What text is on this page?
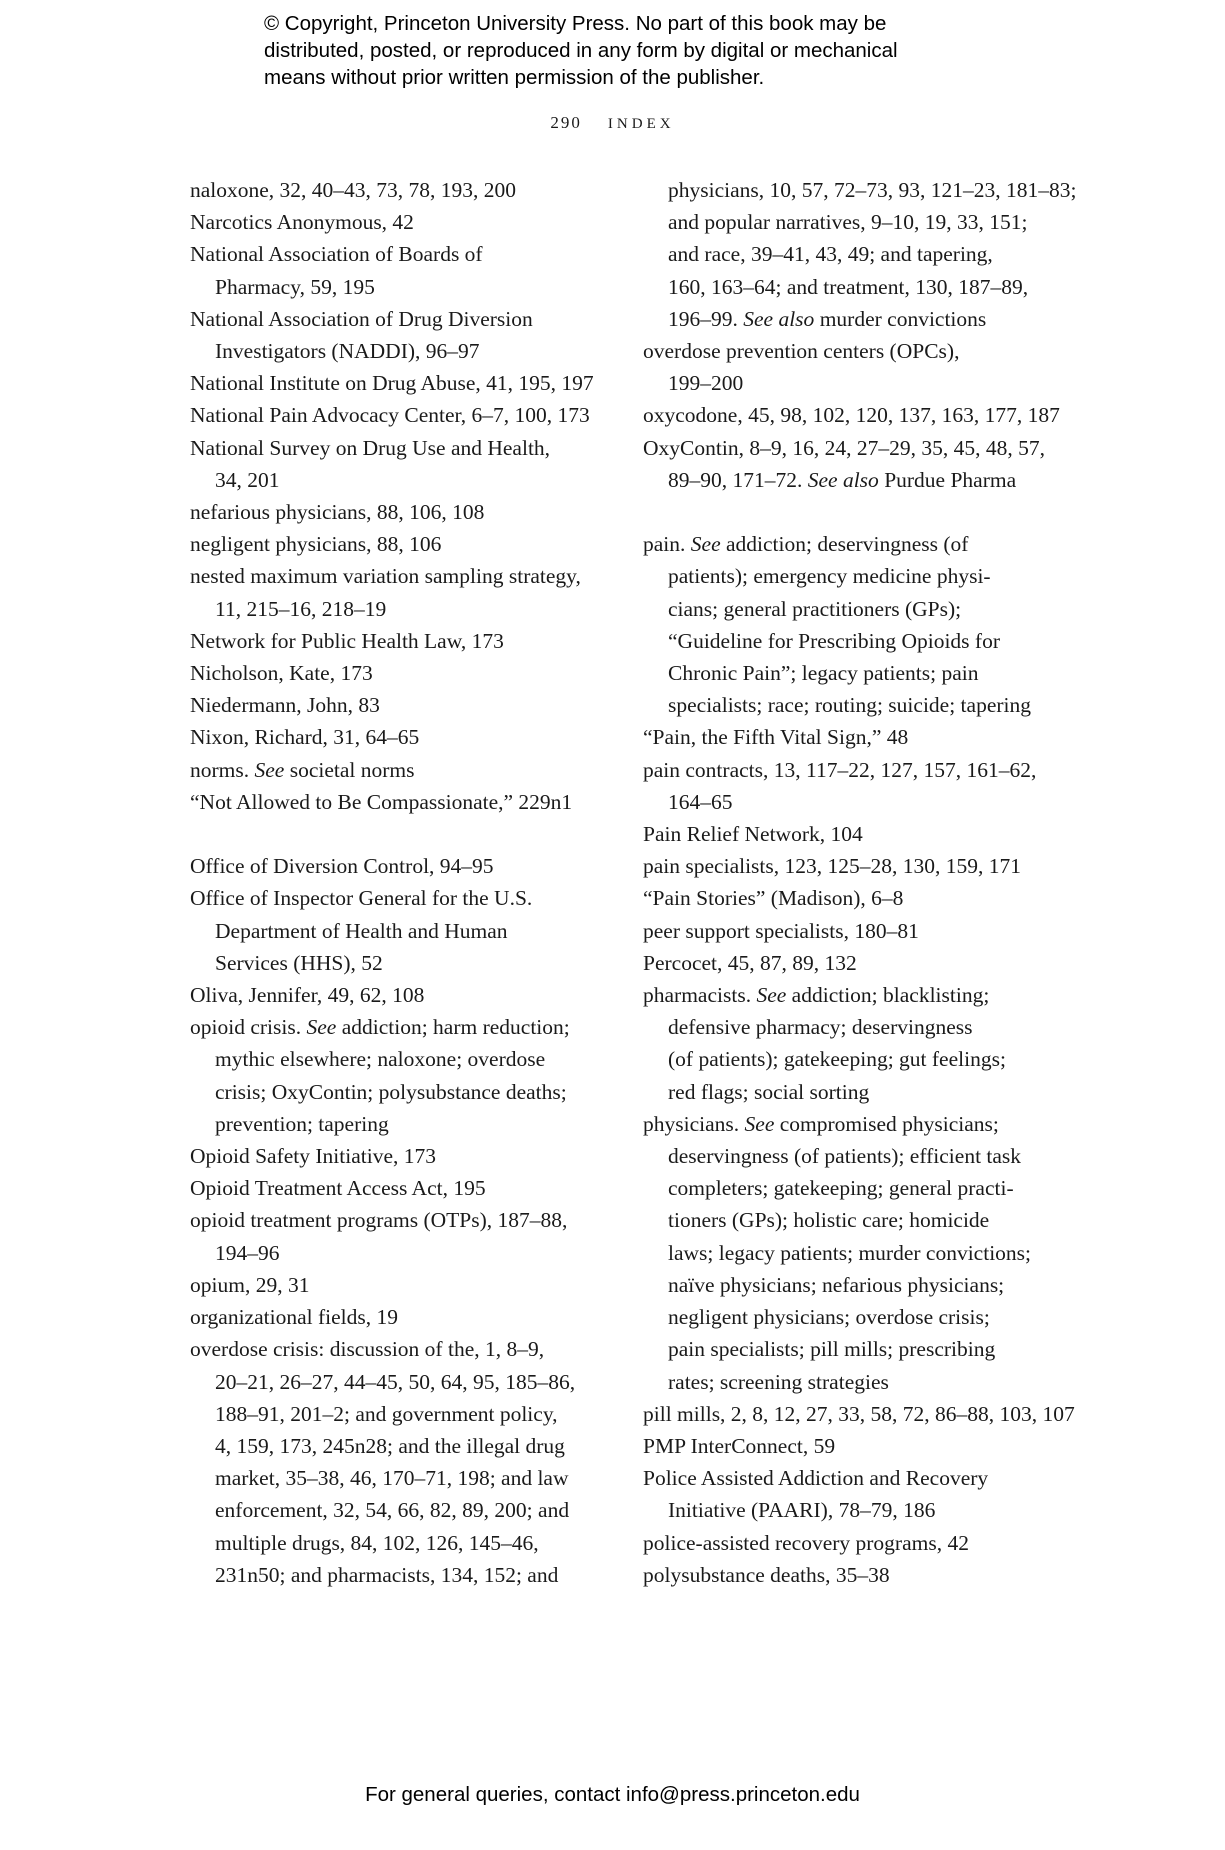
© Copyright, Princeton University Press. No part of this book may be
distributed, posted, or reproduced in any form by digital or mechanical
means without prior written permission of the publisher.
290 INDEX
naloxone, 32, 40–43, 73, 78, 193, 200
Narcotics Anonymous, 42
National Association of Boards of
Pharmacy, 59, 195
National Association of Drug Diversion
Investigators (NADDI), 96–97
National Institute on Drug Abuse, 41, 195, 197
National Pain Advocacy Center, 6–7, 100, 173
National Survey on Drug Use and Health,
34, 201
nefarious physicians, 88, 106, 108
negligent physicians, 88, 106
nested maximum variation sampling strategy,
11, 215–16, 218–19
Network for Public Health Law, 173
Nicholson, Kate, 173
Niedermann, John, 83
Nixon, Richard, 31, 64–65
norms. See societal norms
“Not Allowed to Be Compassionate,” 229n1
Office of Diversion Control, 94–95
Office of Inspector General for the U.S.
Department of Health and Human
Services (HHS), 52
Oliva, Jennifer, 49, 62, 108
opioid crisis. See addiction; harm reduction;
mythic elsewhere; naloxone; overdose
crisis; OxyContin; polysubstance deaths;
prevention; tapering
Opioid Safety Initiative, 173
Opioid Treatment Access Act, 195
opioid treatment programs (OTPs), 187–88,
194–96
opium, 29, 31
organizational fields, 19
overdose crisis: discussion of the, 1, 8–9,
20–21, 26–27, 44–45, 50, 64, 95, 185–86,
188–91, 201–2; and government policy,
4, 159, 173, 245n28; and the illegal drug
market, 35–38, 46, 170–71, 198; and law
enforcement, 32, 54, 66, 82, 89, 200; and
multiple drugs, 84, 102, 126, 145–46,
231n50; and pharmacists, 134, 152; and
physicians, 10, 57, 72–73, 93, 121–23, 181–83;
and popular narratives, 9–10, 19, 33, 151;
and race, 39–41, 43, 49; and tapering,
160, 163–64; and treatment, 130, 187–89,
196–99. See also murder convictions
overdose prevention centers (OPCs),
199–200
oxycodone, 45, 98, 102, 120, 137, 163, 177, 187
OxyContin, 8–9, 16, 24, 27–29, 35, 45, 48, 57,
89–90, 171–72. See also Purdue Pharma
pain. See addiction; deservingness (of
patients); emergency medicine physi-
cians; general practitioners (GPs);
“Guideline for Prescribing Opioids for
Chronic Pain”; legacy patients; pain
specialists; race; routing; suicide; tapering
“Pain, the Fifth Vital Sign,” 48
pain contracts, 13, 117–22, 127, 157, 161–62,
164–65
Pain Relief Network, 104
pain specialists, 123, 125–28, 130, 159, 171
“Pain Stories” (Madison), 6–8
peer support specialists, 180–81
Percocet, 45, 87, 89, 132
pharmacists. See addiction; blacklisting;
defensive pharmacy; deservingness
(of patients); gatekeeping; gut feelings;
red flags; social sorting
physicians. See compromised physicians;
deservingness (of patients); efficient task
completers; gatekeeping; general practi-
tioners (GPs); holistic care; homicide
laws; legacy patients; murder convictions;
naïve physicians; nefarious physicians;
negligent physicians; overdose crisis;
pain specialists; pill mills; prescribing
rates; screening strategies
pill mills, 2, 8, 12, 27, 33, 58, 72, 86–88, 103, 107
PMP InterConnect, 59
Police Assisted Addiction and Recovery
Initiative (PAARI), 78–79, 186
police-assisted recovery programs, 42
polysubstance deaths, 35–38
For general queries, contact info@press.princeton.edu
